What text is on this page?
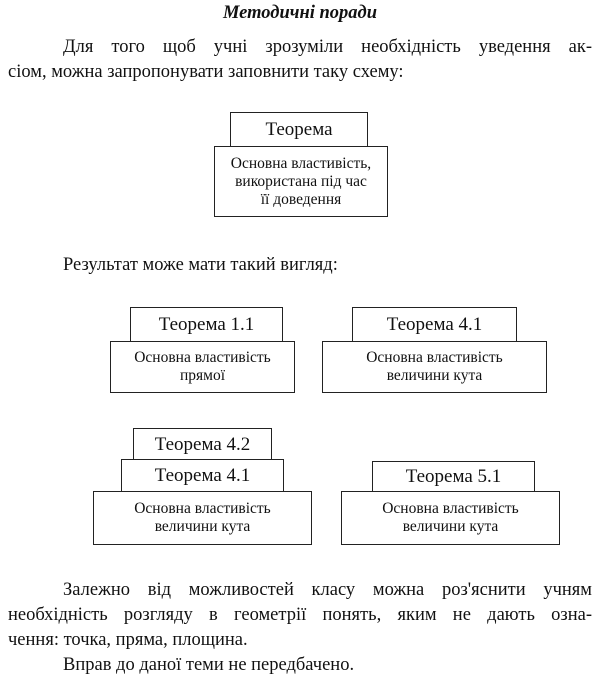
Методичні поради
Для того щоб учні зрозуміли необхідність уведення ак-
сіом, можна запропонувати заповнити таку схему:
Теорема
Основна властивість, використана під час її доведення
Результат може мати такий вигляд:
Теорема 1.1
Основна властивість прямої
Теорема 4.1
Основна властивість величини кута
Теорема 4.2
Теорема 4.1
Основна властивість величини кута
Теорема 5.1
Основна властивість величини кута
Залежно від можливостей класу можна роз'яснити учням
необхідність розгляду в геометрії понять, яким не дають озна-
чення: точка, пряма, площина.
Вправ до даної теми не передбачено.
